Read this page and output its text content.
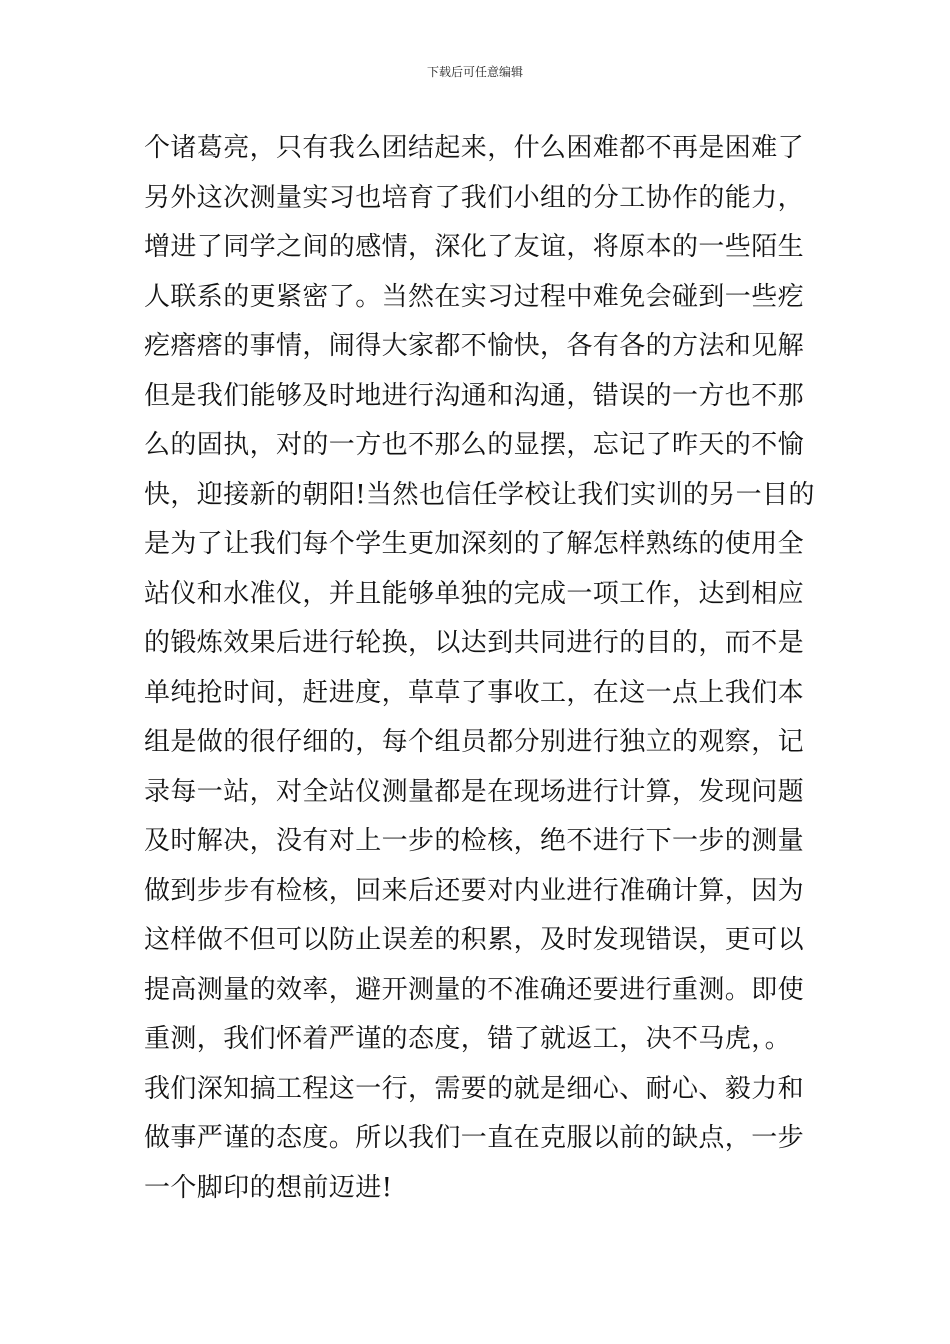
下载后可任意编辑
个诸葛亮，只有我么团结起来，什么困难都不再是困难了
另外这次测量实习也培育了我们小组的分工协作的能力，
增进了同学之间的感情，深化了友谊，将原本的一些陌生
人联系的更紧密了。当然在实习过程中难免会碰到一些疙
疙瘩瘩的事情，闹得大家都不愉快，各有各的方法和见解
但是我们能够及时地进行沟通和沟通，错误的一方也不那
么的固执，对的一方也不那么的显摆，忘记了昨天的不愉
快，迎接新的朝阳!当然也信任学校让我们实训的另一目的
是为了让我们每个学生更加深刻的了解怎样熟练的使用全
站仪和水准仪，并且能够单独的完成一项工作，达到相应
的锻炼效果后进行轮换，以达到共同进行的目的，而不是
单纯抢时间，赶进度，草草了事收工，在这一点上我们本
组是做的很仔细的，每个组员都分别进行独立的观察，记
录每一站，对全站仪测量都是在现场进行计算，发现问题
及时解决，没有对上一步的检核，绝不进行下一步的测量
做到步步有检核，回来后还要对内业进行准确计算，因为
这样做不但可以防止误差的积累，及时发现错误，更可以
提高测量的效率，避开测量的不准确还要进行重测。即使
重测，我们怀着严谨的态度，错了就返工，决不马虎，。
我们深知搞工程这一行，需要的就是细心、耐心、毅力和
做事严谨的态度。所以我们一直在克服以前的缺点，一步
一个脚印的想前迈进!
